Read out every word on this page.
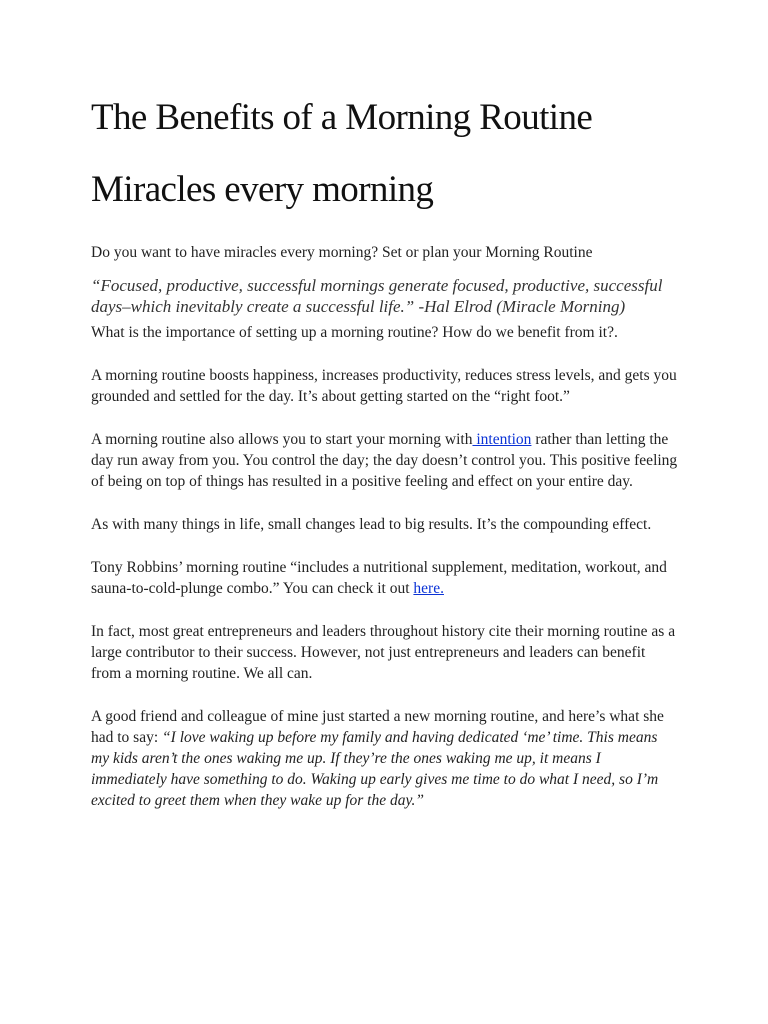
The Benefits of a Morning Routine
Miracles every morning

Do you want to have miracles every morning? Set or plan your Morning Routine

“Focused, productive, successful mornings generate focused, productive, successful days–which inevitably create a successful life.” -Hal Elrod (Miracle Morning)

What is the importance of setting up a morning routine? How do we benefit from it?.

A morning routine boosts happiness, increases productivity, reduces stress levels, and gets you grounded and settled for the day. It’s about getting started on the “right foot.”

A morning routine also allows you to start your morning with intention rather than letting the day run away from you. You control the day; the day doesn’t control you. This positive feeling of being on top of things has resulted in a positive feeling and effect on your entire day.

As with many things in life, small changes lead to big results. It’s the compounding effect.

Tony Robbins’ morning routine “includes a nutritional supplement, meditation, workout, and sauna-to-cold-plunge combo.” You can check it out here.

In fact, most great entrepreneurs and leaders throughout history cite their morning routine as a large contributor to their success. However, not just entrepreneurs and leaders can benefit from a morning routine. We all can.

A good friend and colleague of mine just started a new morning routine, and here’s what she had to say: “I love waking up before my family and having dedicated ‘me’ time. This means my kids aren’t the ones waking me up. If they’re the ones waking me up, it means I immediately have something to do. Waking up early gives me time to do what I need, so I’m excited to greet them when they wake up for the day.”
